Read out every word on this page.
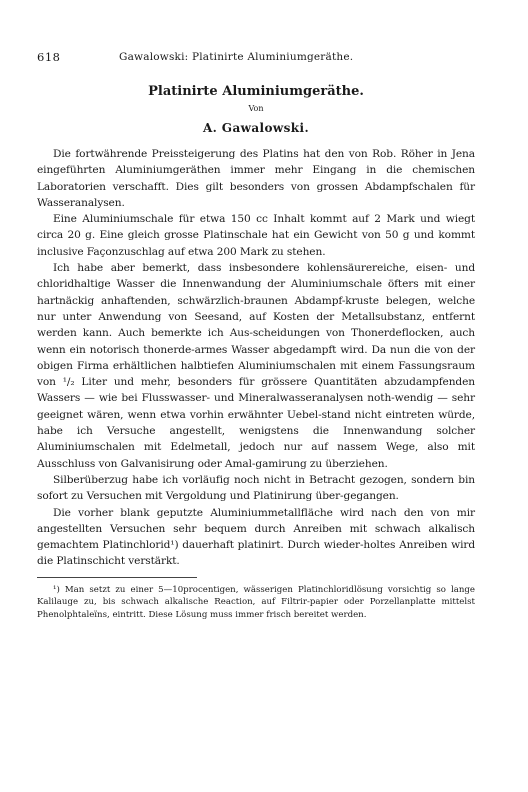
618	Gawalowski: Platinirte Aluminiumgeräthe.
Platinirte Aluminiumgeräthe.
Von
A. Gawalowski.

Die fortwährende Preissteigerung des Platins hat den von Rob. Röher in Jena eingeführten Aluminiumgeräthen immer mehr Eingang in die chemischen Laboratorien verschafft. Dies gilt besonders von grossen Abdampfschalen für Wasseranalysen.

Eine Aluminiumschale für etwa 150 cc Inhalt kommt auf 2 Mark und wiegt circa 20 g. Eine gleich grosse Platinschale hat ein Gewicht von 50 g und kommt inclusive Façonzuschlag auf etwa 200 Mark zu stehen.

Ich habe aber bemerkt, dass insbesondere kohlensäurereiche, eisen- und chloridhaltige Wasser die Innenwandung der Aluminiumschale öfters mit einer hartnäckig anhaftenden, schwärzlich-braunen Abdampf-kruste belegen, welche nur unter Anwendung von Seesand, auf Kosten der Metallsubstanz, entfernt werden kann. Auch bemerkte ich Aus-scheidungen von Thonerdeflocken, auch wenn ein notorisch thonerde-armes Wasser abgedampft wird. Da nun die von der obigen Firma erhältlichen halbtiefen Aluminiumschalen mit einem Fassungsraum von ¹/₂ Liter und mehr, besonders für grössere Quantitäten abzudampfenden Wassers — wie bei Flusswasser- und Mineralwasseranalysen noth-wendig — sehr geeignet wären, wenn etwa vorhin erwähnter Uebel-stand nicht eintreten würde, habe ich Versuche angestellt, wenigstens die Innenwandung solcher Aluminiumschalen mit Edelmetall, jedoch nur auf nassem Wege, also mit Ausschluss von Galvanisirung oder Amal-gamirung zu überziehen.

Silberüberzug habe ich vorläufig noch nicht in Betracht gezogen, sondern bin sofort zu Versuchen mit Vergoldung und Platinirung über-gegangen.

Die vorher blank geputzte Aluminiummetallfläche wird nach den von mir angestellten Versuchen sehr bequem durch Anreiben mit schwach alkalisch gemachtem Platinchlorid¹) dauerhaft platinirt. Durch wieder-holtes Anreiben wird die Platinschicht verstärkt.

¹) Man setzt zu einer 5—10procentigen, wässerigen Platinchloridlösung vorsichtig so lange Kalilauge zu, bis schwach alkalische Reaction, auf Filtrir-papier oder Porzellanplatte mittelst Phenolphtaleïns, eintritt. Diese Lösung muss immer frisch bereitet werden.
